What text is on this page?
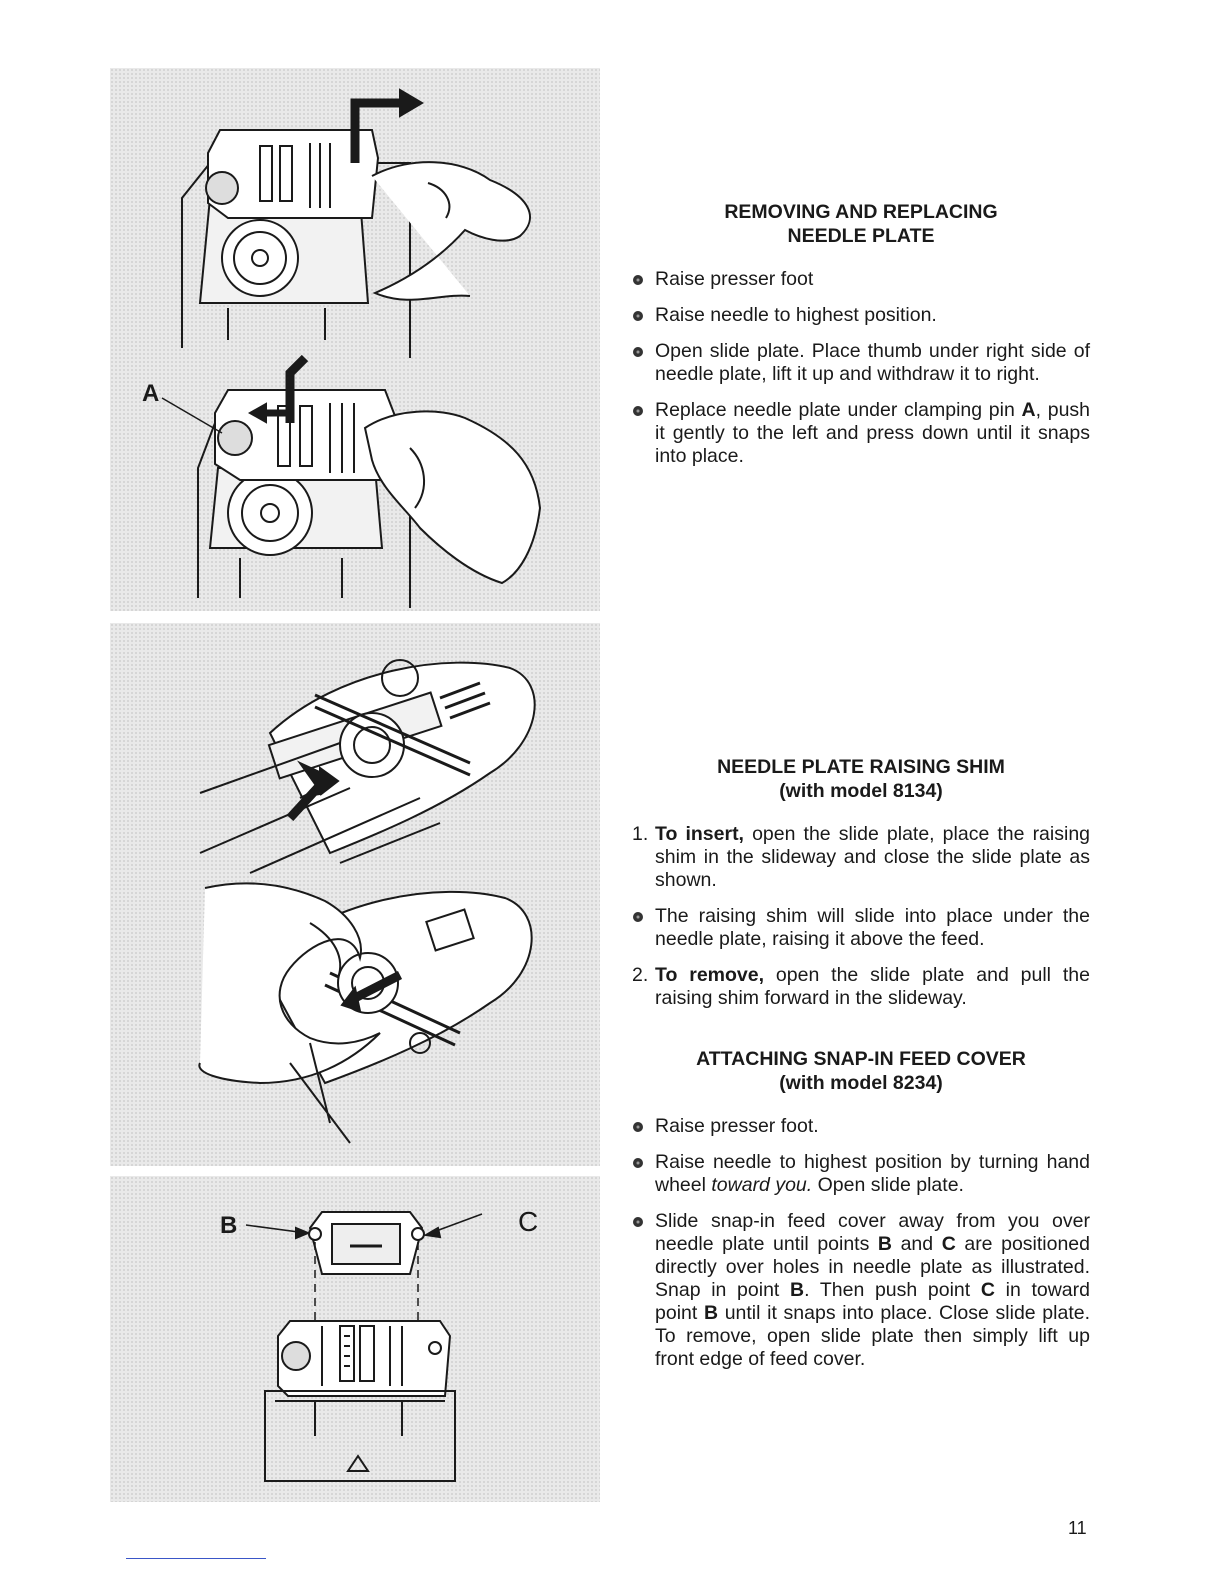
A
B	C
REMOVING AND REPLACING
NEEDLE PLATE
Raise presser foot
Raise needle to highest position.
Open slide plate. Place thumb under right side of needle plate, lift it up and withdraw it to right.
Replace needle plate under clamping pin A, push it gently to the left and press down until it snaps into place.
NEEDLE PLATE RAISING SHIM
(with model 8134)
1. To insert, open the slide plate, place the raising shim in the slideway and close the slide plate as shown.
The raising shim will slide into place under the needle plate, raising it above the feed.
2. To remove, open the slide plate and pull the raising shim forward in the slideway.
ATTACHING SNAP-IN FEED COVER
(with model 8234)
Raise presser foot.
Raise needle to highest position by turning hand wheel toward you. Open slide plate.
Slide snap-in feed cover away from you over needle plate until points B and C are positioned directly over holes in needle plate as illustrated. Snap in point B. Then push point C in toward point B until it snaps into place. Close slide plate. To remove, open slide plate then simply lift up front edge of feed cover.
11
